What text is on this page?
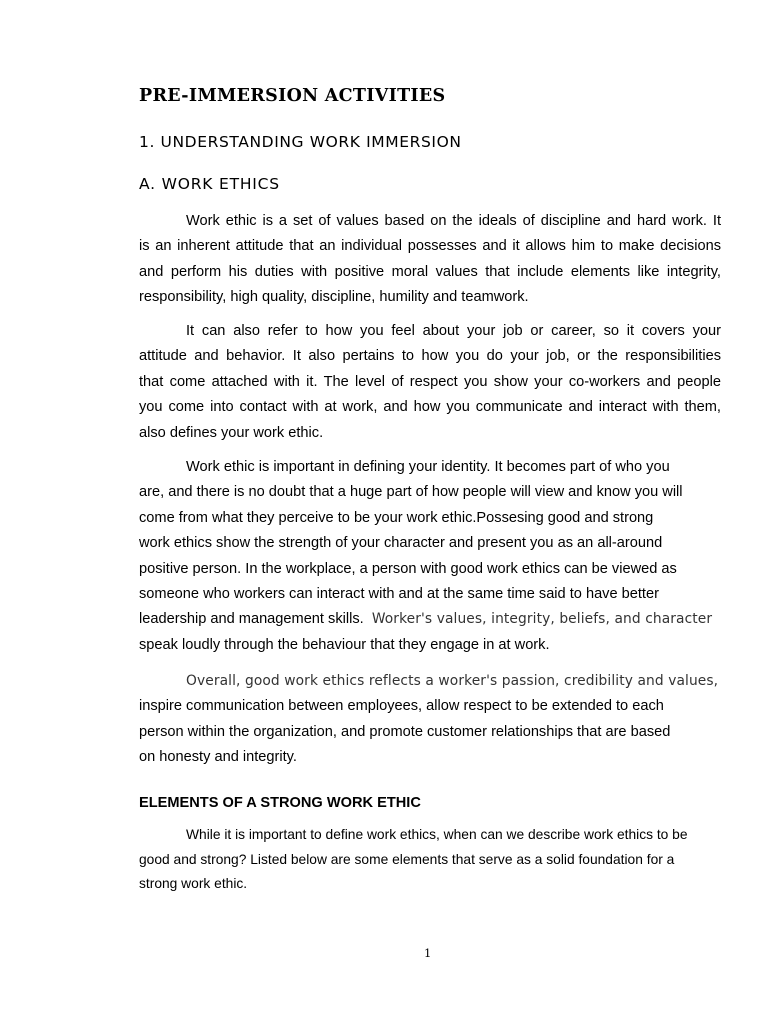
PRE-IMMERSION ACTIVITIES
1. UNDERSTANDING WORK IMMERSION
A. WORK ETHICS
Work ethic is a set of values based on the ideals of discipline and hard work. It
is an inherent attitude that an individual possesses and it allows him to make decisions
and perform his duties with positive moral values that include elements like integrity,
responsibility, high quality, discipline, humility and teamwork.
It can also refer to how you feel about your job or career, so it covers your
attitude and behavior. It also pertains to how you do your job, or the responsibilities
that come attached with it. The level of respect you show your co-workers and people
you come into contact with at work, and how you communicate and interact with them,
also defines your work ethic.
Work ethic is important in defining your identity. It becomes part of who you
are, and there is no doubt that a huge part of how people will view and know you will
come from what they perceive to be your work ethic.Possesing good and strong
work ethics show the strength of your character and present you as an all-around
positive person. In the workplace, a person with good work ethics can be viewed as
someone who workers can interact with and at the same time said to have better
leadership and management skills. Worker's values, integrity, beliefs, and character
speak loudly through the behaviour that they engage in at work.
Overall, good work ethics reflects a worker's passion, credibility and values,
inspire communication between employees, allow respect to be extended to each
person within the organization, and promote customer relationships that are based
on honesty and integrity.
ELEMENTS OF A STRONG WORK ETHIC
While it is important to define work ethics, when can we describe work ethics to be
good and strong? Listed below are some elements that serve as a solid foundation for a
strong work ethic.
1
